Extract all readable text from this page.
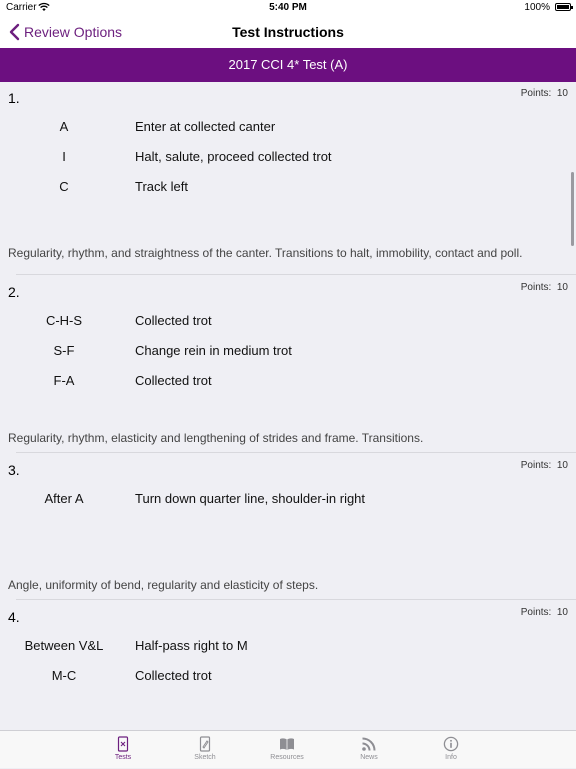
Carrier	5:40 PM	100%
Review Options	Test Instructions
2017 CCI 4* Test (A)
1.	Points: 10
A	Enter at collected canter
I	Halt, salute, proceed collected trot
C	Track left
Regularity, rhythm, and straightness of the canter. Transitions to halt, immobility, contact and poll.
2.	Points: 10
C-H-S	Collected trot
S-F	Change rein in medium trot
F-A	Collected trot
Regularity, rhythm, elasticity and lengthening of strides and frame. Transitions.
3.	Points: 10
After A	Turn down quarter line, shoulder-in right
Angle, uniformity of bend, regularity and elasticity of steps.
4.	Points: 10
Between V&L	Half-pass right to M
M-C	Collected trot
Tests	Sketch	Resources	News	Info
